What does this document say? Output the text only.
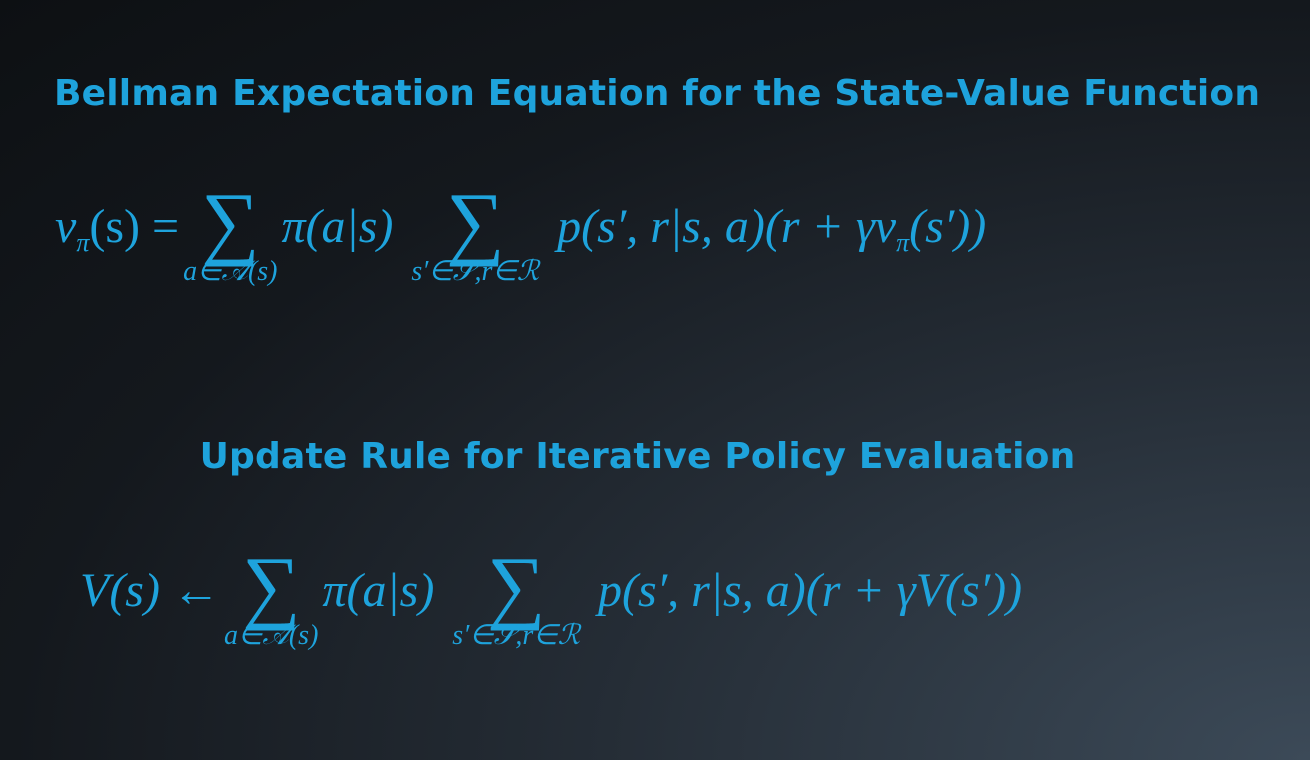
Bellman Expectation Equation for the State-Value Function
$v_\pi(s)$ = ∑
a∈𝒜(s)
π(a|s) ∑
s′∈𝒮,r∈ℛ
p(s′, r|s, $a)(r + \gamma v_\pi(s'))$
Update Rule for Iterative Policy Evaluation
V(s) ← ∑
a∈𝒜(s)
π(a|s) ∑
s′∈𝒮,r∈ℛ
p(s′, r|s, a)(r + γV(s′))
